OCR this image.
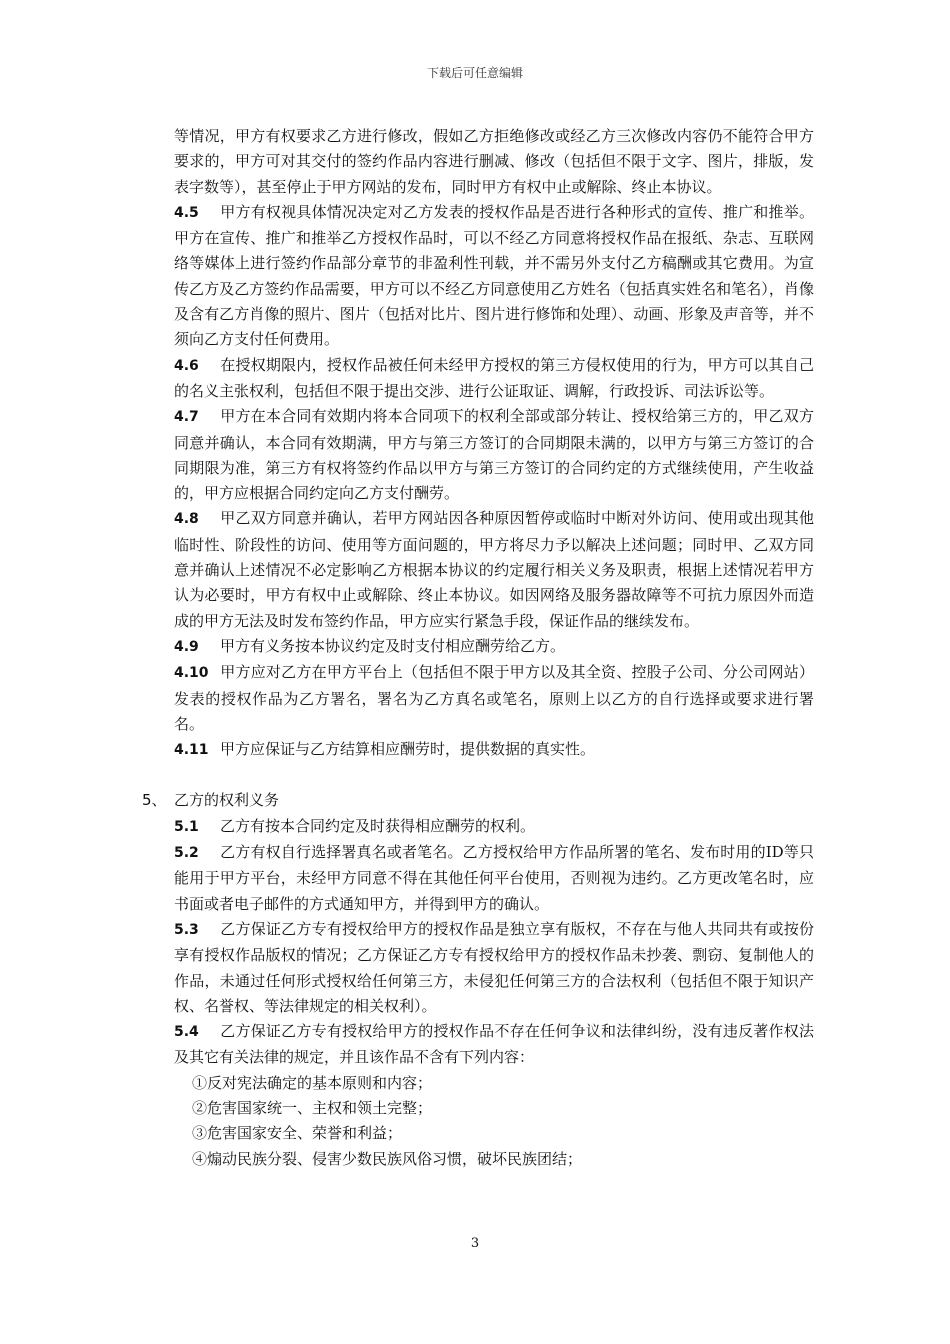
下载后可任意编辑

等情况，甲方有权要求乙方进行修改，假如乙方拒绝修改或经乙方三次修改内容仍不能符合甲方要求的，甲方可对其交付的签约作品内容进行删减、修改（包括但不限于文字、图片，排版，发表字数等），甚至停止于甲方网站的发布，同时甲方有权中止或解除、终止本协议。

4.5 甲方有权视具体情况决定对乙方发表的授权作品是否进行各种形式的宣传、推广和推举。甲方在宣传、推广和推举乙方授权作品时，可以不经乙方同意将授权作品在报纸、杂志、互联网络等媒体上进行签约作品部分章节的非盈利性刊载，并不需另外支付乙方稿酬或其它费用。为宣传乙方及乙方签约作品需要，甲方可以不经乙方同意使用乙方姓名（包括真实姓名和笔名），肖像及含有乙方肖像的照片、图片（包括对比片、图片进行修饰和处理）、动画、形象及声音等，并不须向乙方支付任何费用。

4.6 在授权期限内，授权作品被任何未经甲方授权的第三方侵权使用的行为，甲方可以其自己的名义主张权利，包括但不限于提出交涉、进行公证取证、调解，行政投诉、司法诉讼等。

4.7 甲方在本合同有效期内将本合同项下的权利全部或部分转让、授权给第三方的，甲乙双方同意并确认，本合同有效期满，甲方与第三方签订的合同期限未满的，以甲方与第三方签订的合同期限为准，第三方有权将签约作品以甲方与第三方签订的合同约定的方式继续使用，产生收益的，甲方应根据合同约定向乙方支付酬劳。

4.8 甲乙双方同意并确认，若甲方网站因各种原因暂停或临时中断对外访问、使用或出现其他临时性、阶段性的访问、使用等方面问题的，甲方将尽力予以解决上述问题；同时甲、乙双方同意并确认上述情况不必定影响乙方根据本协议的约定履行相关义务及职责，根据上述情况若甲方认为必要时，甲方有权中止或解除、终止本协议。如因网络及服务器故障等不可抗力原因外而造成的甲方无法及时发布签约作品，甲方应实行紧急手段，保证作品的继续发布。

4.9 甲方有义务按本协议约定及时支付相应酬劳给乙方。

4.10 甲方应对乙方在甲方平台上（包括但不限于甲方以及其全资、控股子公司、分公司网站）发表的授权作品为乙方署名，署名为乙方真名或笔名，原则上以乙方的自行选择或要求进行署名。

4.11 甲方应保证与乙方结算相应酬劳时，提供数据的真实性。

5、 乙方的权利义务

5.1 乙方有按本合同约定及时获得相应酬劳的权利。

5.2 乙方有权自行选择署真名或者笔名。乙方授权给甲方作品所署的笔名、发布时用的ID等只能用于甲方平台，未经甲方同意不得在其他任何平台使用，否则视为违约。乙方更改笔名时，应书面或者电子邮件的方式通知甲方，并得到甲方的确认。

5.3 乙方保证乙方专有授权给甲方的授权作品是独立享有版权，不存在与他人共同共有或按份享有授权作品版权的情况；乙方保证乙方专有授权给甲方的授权作品未抄袭、剽窃、复制他人的作品，未通过任何形式授权给任何第三方，未侵犯任何第三方的合法权利（包括但不限于知识产权、名誉权、等法律规定的相关权利）。

5.4 乙方保证乙方专有授权给甲方的授权作品不存在任何争议和法律纠纷，没有违反著作权法及其它有关法律的规定，并且该作品不含有下列内容：

①反对宪法确定的基本原则和内容；

②危害国家统一、主权和领土完整；

③危害国家安全、荣誉和利益；

④煽动民族分裂、侵害少数民族风俗习惯，破坏民族团结；

3
